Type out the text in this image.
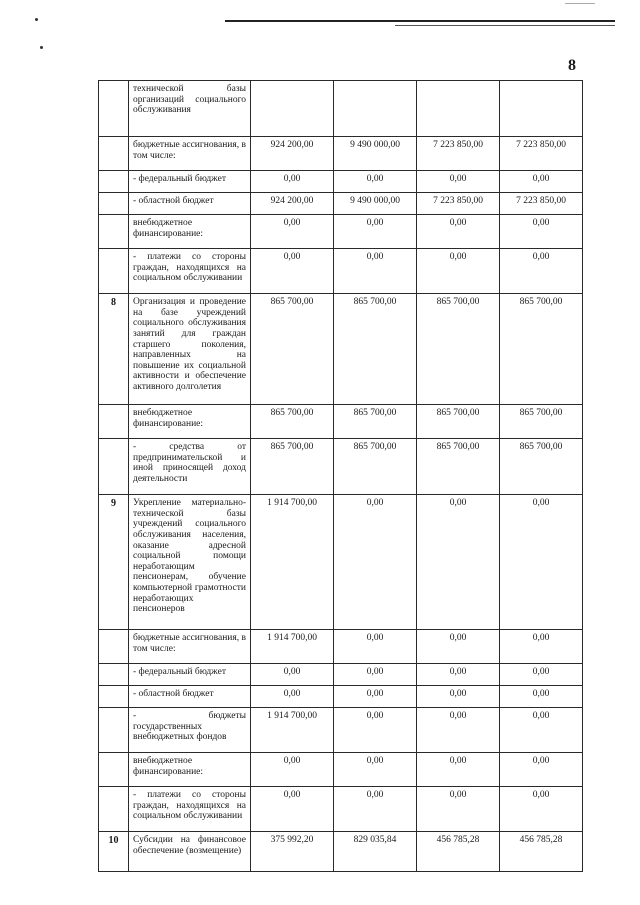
8
	технической базы организаций социального обслуживания				
	бюджетные ассигнования, в том числе:	924 200,00	9 490 000,00	7 223 850,00	7 223 850,00
	- федеральный бюджет	0,00	0,00	0,00	0,00
	- областной бюджет	924 200,00	9 490 000,00	7 223 850,00	7 223 850,00
	внебюджетное финансирование:	0,00	0,00	0,00	0,00
	- платежи со стороны граждан, находящихся на социальном обслуживании	0,00	0,00	0,00	0,00
8	Организация и проведение на базе учреждений социального обслуживания занятий для граждан старшего поколения, направленных на повышение их социальной активности и обеспечение активного долголетия	865 700,00	865 700,00	865 700,00	865 700,00
	внебюджетное финансирование:	865 700,00	865 700,00	865 700,00	865 700,00
	- средства от предпринимательской и иной приносящей доход деятельности	865 700,00	865 700,00	865 700,00	865 700,00
9	Укрепление материально-технической базы учреждений социального обслуживания населения, оказание адресной социальной помощи неработающим пенсионерам, обучение компьютерной грамотности неработающих пенсионеров	1 914 700,00	0,00	0,00	0,00
	бюджетные ассигнования, в том числе:	1 914 700,00	0,00	0,00	0,00
	- федеральный бюджет	0,00	0,00	0,00	0,00
	- областной бюджет	0,00	0,00	0,00	0,00
	- бюджеты государственных внебюджетных фондов	1 914 700,00	0,00	0,00	0,00
	внебюджетное финансирование:	0,00	0,00	0,00	0,00
	- платежи со стороны граждан, находящихся на социальном обслуживании	0,00	0,00	0,00	0,00
10	Субсидии на финансовое обеспечение (возмещение)	375 992,20	829 035,84	456 785,28	456 785,28
